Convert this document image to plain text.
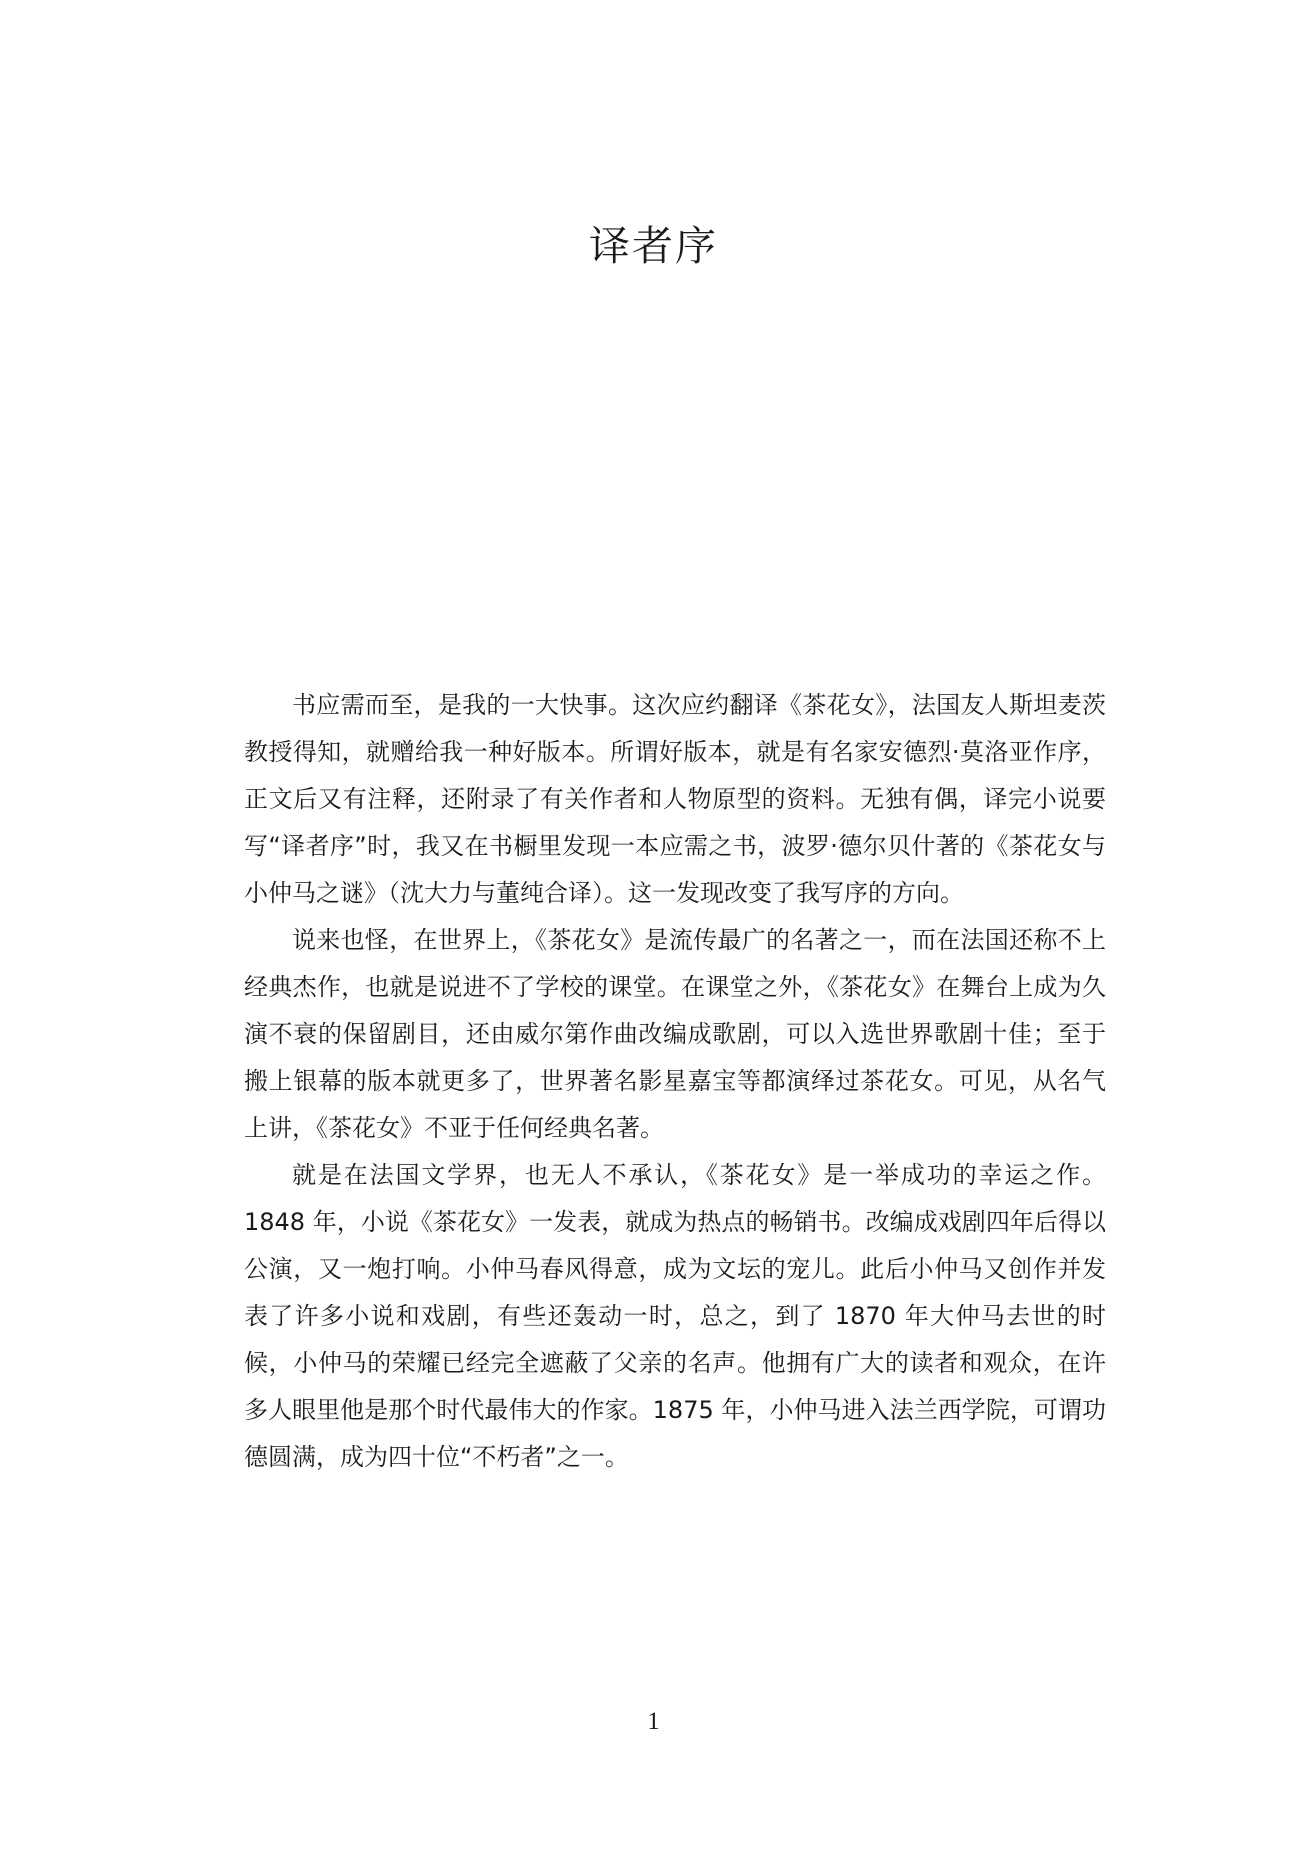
译者序

书应需而至，是我的一大快事。这次应约翻译《茶花女》，法国友人斯坦麦茨教授得知，就赠给我一种好版本。所谓好版本，就是有名家安德烈·莫洛亚作序，正文后又有注释，还附录了有关作者和人物原型的资料。无独有偶，译完小说要写“译者序”时，我又在书橱里发现一本应需之书，波罗·德尔贝什著的《茶花女与小仲马之谜》（沈大力与董纯合译）。这一发现改变了我写序的方向。

说来也怪，在世界上，《茶花女》是流传最广的名著之一，而在法国还称不上经典杰作，也就是说进不了学校的课堂。在课堂之外，《茶花女》在舞台上成为久演不衰的保留剧目，还由威尔第作曲改编成歌剧，可以入选世界歌剧十佳；至于搬上银幕的版本就更多了，世界著名影星嘉宝等都演绎过茶花女。可见，从名气上讲，《茶花女》不亚于任何经典名著。

就是在法国文学界，也无人不承认，《茶花女》是一举成功的幸运之作。1848 年，小说《茶花女》一发表，就成为热点的畅销书。改编成戏剧四年后得以公演，又一炮打响。小仲马春风得意，成为文坛的宠儿。此后小仲马又创作并发表了许多小说和戏剧，有些还轰动一时，总之，到了 1870 年大仲马去世的时候，小仲马的荣耀已经完全遮蔽了父亲的名声。他拥有广大的读者和观众，在许多人眼里他是那个时代最伟大的作家。1875 年，小仲马进入法兰西学院，可谓功德圆满，成为四十位“不朽者”之一。

1
